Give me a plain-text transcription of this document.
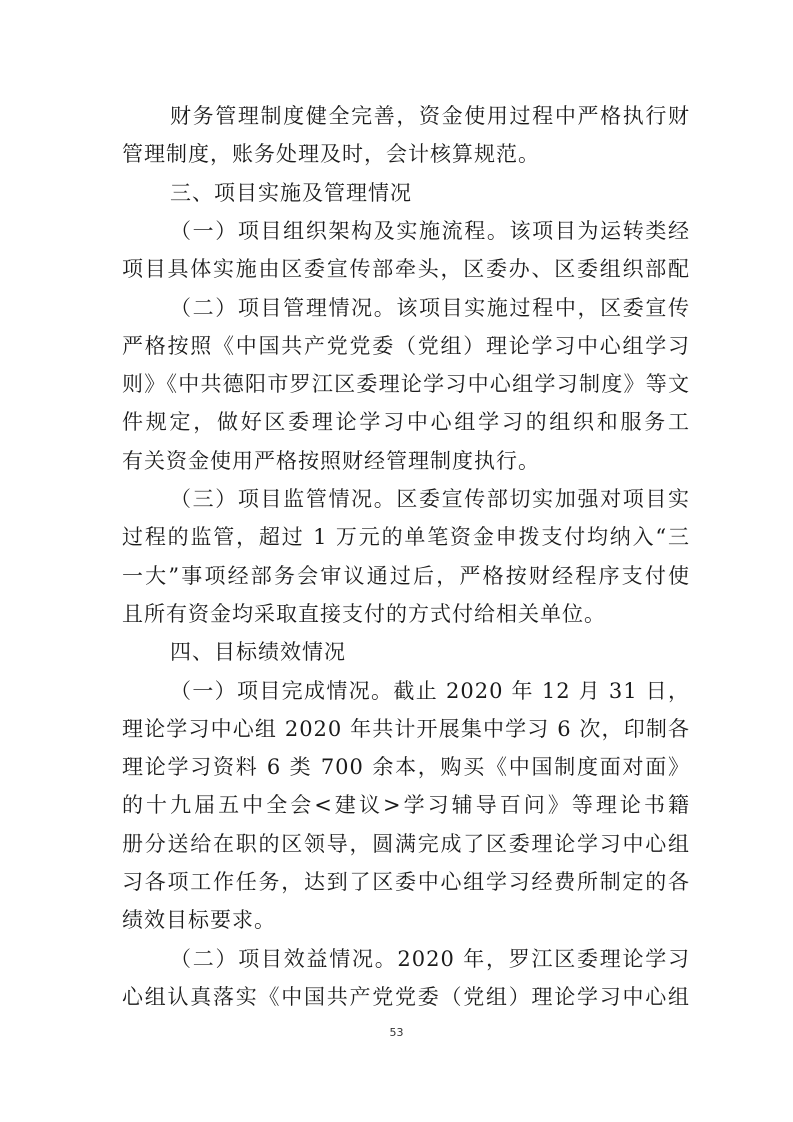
财务管理制度健全完善，资金使用过程中严格执行财
管理制度，账务处理及时，会计核算规范。
三、项目实施及管理情况
（一）项目组织架构及实施流程。该项目为运转类经
项目具体实施由区委宣传部牵头，区委办、区委组织部配
（二）项目管理情况。该项目实施过程中，区委宣传
严格按照《中国共产党党委（党组）理论学习中心组学习
则》《中共德阳市罗江区委理论学习中心组学习制度》等文
件规定，做好区委理论学习中心组学习的组织和服务工
有关资金使用严格按照财经管理制度执行。
（三）项目监管情况。区委宣传部切实加强对项目实
过程的监管，超过 1 万元的单笔资金申拨支付均纳入“三
一大”事项经部务会审议通过后，严格按财经程序支付使
且所有资金均采取直接支付的方式付给相关单位。
四、目标绩效情况
（一）项目完成情况。截止 2020 年 12 月 31 日，
理论学习中心组 2020 年共计开展集中学习 6 次，印制各
理论学习资料 6 类 700 余本，购买《中国制度面对面》
的十九届五中全会<建议>学习辅导百问》等理论书籍
册分送给在职的区领导，圆满完成了区委理论学习中心组
习各项工作任务，达到了区委中心组学习经费所制定的各
绩效目标要求。
（二）项目效益情况。2020 年，罗江区委理论学习
心组认真落实《中国共产党党委（党组）理论学习中心组
53
